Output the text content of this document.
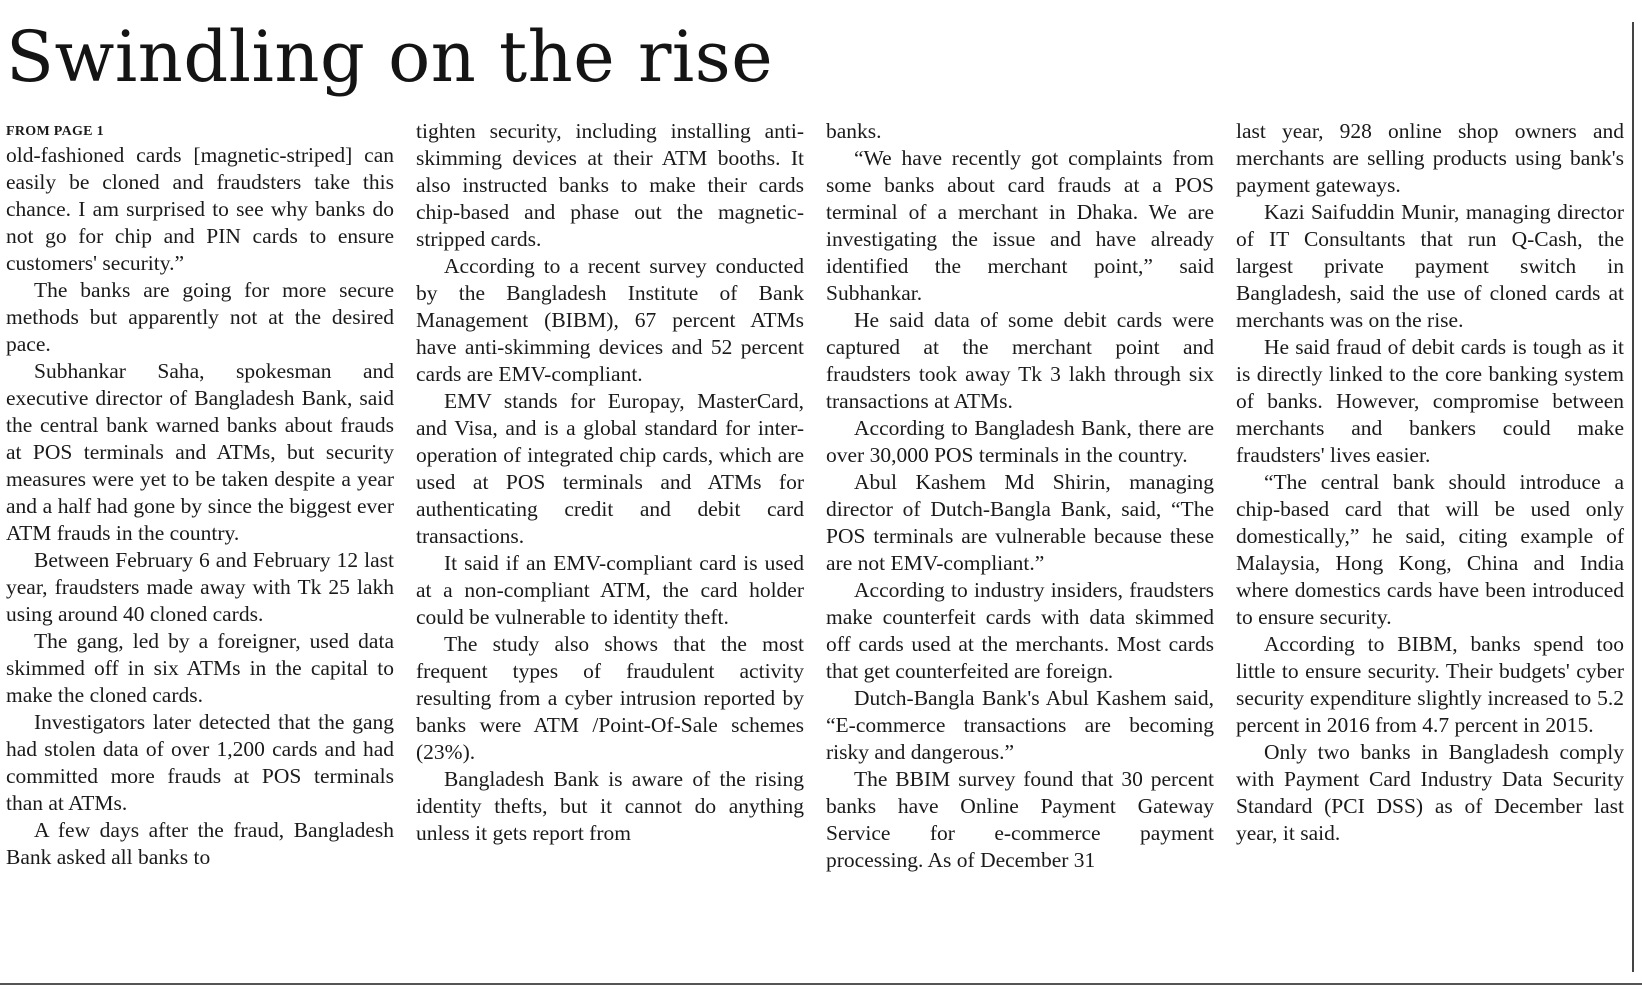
Swindling on the rise
FROM PAGE 1

old-fashioned cards [magnetic-striped] can easily be cloned and fraudsters take this chance. I am surprised to see why banks do not go for chip and PIN cards to ensure customers' security.”

The banks are going for more secure methods but apparently not at the desired pace.

Subhankar Saha, spokesman and executive director of Bangladesh Bank, said the central bank warned banks about frauds at POS terminals and ATMs, but security measures were yet to be taken despite a year and a half had gone by since the biggest ever ATM frauds in the country.

Between February 6 and February 12 last year, fraudsters made away with Tk 25 lakh using around 40 cloned cards.

The gang, led by a foreigner, used data skimmed off in six ATMs in the capital to make the cloned cards.

Investigators later detected that the gang had stolen data of over 1,200 cards and had committed more frauds at POS terminals than at ATMs.

A few days after the fraud, Bangladesh Bank asked all banks to

tighten security, including installing anti-skimming devices at their ATM booths. It also instructed banks to make their cards chip-based and phase out the magnetic-stripped cards.

According to a recent survey conducted by the Bangladesh Institute of Bank Management (BIBM), 67 percent ATMs have anti-skimming devices and 52 percent cards are EMV-compliant.

EMV stands for Europay, MasterCard, and Visa, and is a global standard for inter-operation of integrated chip cards, which are used at POS terminals and ATMs for authenticating credit and debit card transactions.

It said if an EMV-compliant card is used at a non-compliant ATM, the card holder could be vulnerable to identity theft.

The study also shows that the most frequent types of fraudulent activity resulting from a cyber intrusion reported by banks were ATM /Point-Of-Sale schemes (23%).

Bangladesh Bank is aware of the rising identity thefts, but it cannot do anything unless it gets report from

banks.

“We have recently got complaints from some banks about card frauds at a POS terminal of a merchant in Dhaka. We are investigating the issue and have already identified the merchant point,” said Subhankar.

He said data of some debit cards were captured at the merchant point and fraudsters took away Tk 3 lakh through six transactions at ATMs.

According to Bangladesh Bank, there are over 30,000 POS terminals in the country.

Abul Kashem Md Shirin, managing director of Dutch-Bangla Bank, said, “The POS terminals are vulnerable because these are not EMV-compliant.”

According to industry insiders, fraudsters make counterfeit cards with data skimmed off cards used at the merchants. Most cards that get counterfeited are foreign.

Dutch-Bangla Bank's Abul Kashem said, “E-commerce transactions are becoming risky and dangerous.”

The BBIM survey found that 30 percent banks have Online Payment Gateway Service for e-commerce payment processing. As of December 31

last year, 928 online shop owners and merchants are selling products using bank's payment gateways.

Kazi Saifuddin Munir, managing director of IT Consultants that run Q-Cash, the largest private payment switch in Bangladesh, said the use of cloned cards at merchants was on the rise.

He said fraud of debit cards is tough as it is directly linked to the core banking system of banks. However, compromise between merchants and bankers could make fraudsters' lives easier.

“The central bank should introduce a chip-based card that will be used only domestically,” he said, citing example of Malaysia, Hong Kong, China and India where domestics cards have been introduced to ensure security.

According to BIBM, banks spend too little to ensure security. Their budgets' cyber security expenditure slightly increased to 5.2 percent in 2016 from 4.7 percent in 2015.

Only two banks in Bangladesh comply with Payment Card Industry Data Security Standard (PCI DSS) as of December last year, it said.
